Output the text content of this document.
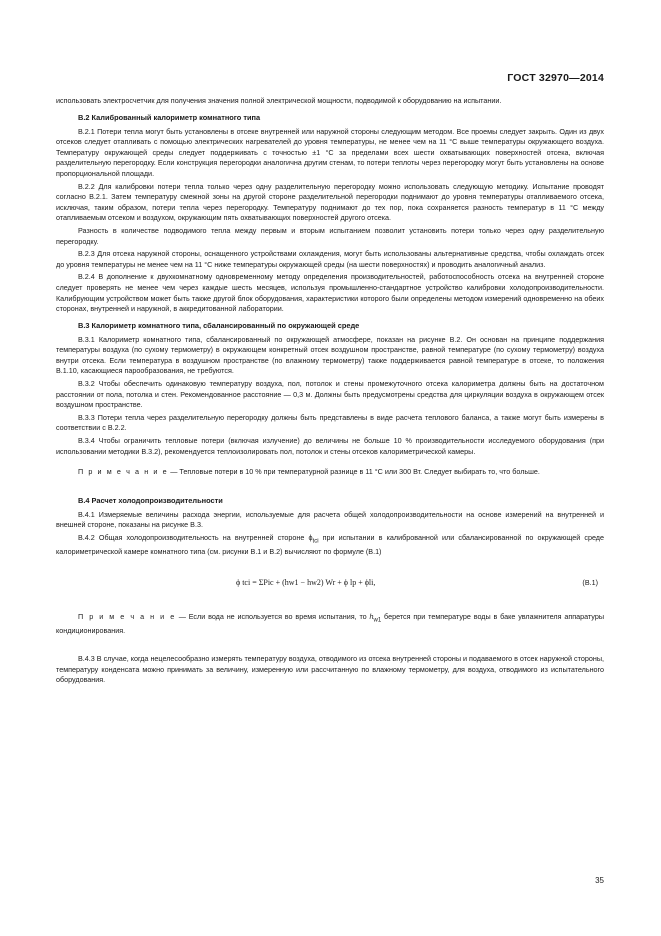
ГОСТ 32970—2014

использовать электросчетчик для получения значения полной электрической мощности, подводимой к оборудованию на испытании.

В.2 Калиброванный калориметр комнатного типа

В.2.1 Потери тепла могут быть установлены в отсеке внутренней или наружной стороны следующим методом. Все проемы следует закрыть. Один из двух отсеков следует отапливать с помощью электрических нагревателей до уровня температуры, не менее чем на 11 °С выше температуры окружающего воздуха. Температуру окружающей среды следует поддерживать с точностью ±1 °С за пределами всех шести охватывающих поверхностей отсека, включая разделительную перегородку. Если конструкция перегородки аналогична другим стенам, то потери теплоты через перегородку могут быть установлены на основе пропорциональной площади.

В.2.2 Для калибровки потери тепла только через одну разделительную перегородку можно использовать следующую методику. Испытание проводят согласно В.2.1. Затем температуру смежной зоны на другой стороне разделительной перегородки поднимают до уровня температуры отапливаемого отсека, исключая, таким образом, потери тепла через перегородку. Температуру поднимают до тех пор, пока сохраняется разность температур в 11 °С между отапливаемым отсеком и воздухом, окружающим пять охватывающих поверхностей другого отсека.

Разность в количестве подводимого тепла между первым и вторым испытанием позволит установить потери только через одну разделительную перегородку.

В.2.3 Для отсека наружной стороны, оснащенного устройствами охлаждения, могут быть использованы альтернативные средства, чтобы охлаждать отсек до уровня температуры не менее чем на 11 °С ниже температуры окружающей среды (на шести поверхностях) и проводить аналогичный анализ.

В.2.4 В дополнение к двухкомнатному одновременному методу определения производительностей, работоспособность отсека на внутренней стороне следует проверять не менее чем через каждые шесть месяцев, используя промышленно-стандартное устройство калибровки холодопроизводительности. Калибрующим устройством может быть также другой блок оборудования, характеристики которого были определены методом измерений одновременно на обеих сторонах, внутренней и наружной, в аккредитованной лаборатории.

В.3 Калориметр комнатного типа, сбалансированный по окружающей среде

В.3.1 Калориметр комнатного типа, сбалансированный по окружающей атмосфере, показан на рисунке В.2. Он основан на принципе поддержания температуры воздуха (по сухому термометру) в окружающем конкретный отсек воздушном пространстве, равной температуре (по сухому термометру) воздуха внутри отсека. Если температура в воздушном пространстве (по влажному термометру) также поддерживается равной температуре в отсеке, то положения В.1.10, касающиеся парообразования, не требуются.

В.3.2 Чтобы обеспечить одинаковую температуру воздуха, пол, потолок и стены промежуточного отсека калориметра должны быть на достаточном расстоянии от пола, потолка и стен. Рекомендованное расстояние — 0,3 м. Должны быть предусмотрены средства для циркуляции воздуха в окружающем отсек воздушном пространстве.

В.3.3 Потери тепла через разделительную перегородку должны быть представлены в виде расчета теплового баланса, а также могут быть измерены в соответствии с В.2.2.

В.3.4 Чтобы ограничить тепловые потери (включая излучение) до величины не больше 10 % производительности исследуемого оборудования (при использовании методики В.3.2), рекомендуется теплоизолировать пол, потолок и стены отсеков калориметрической камеры.

П р и м е ч а н и е — Тепловые потери в 10 % при температурной разнице в 11 °С или 300 Вт. Следует выбирать то, что больше.

В.4 Расчет холодопроизводительности

В.4.1 Измеряемые величины расхода энергии, используемые для расчета общей холодопроизводительности на основе измерений на внутренней и внешней стороне, показаны на рисунке В.3.

В.4.2 Общая холодопроизводительность на внутренней стороне $\phi_{tci}$ при испытании в калиброванной или сбалансированной по окружающей среде калориметрической камере комнатного типа (см. рисунки В.1 и В.2) вычисляют по формуле (В.1)

ϕ tci = ΣPic + (hw1 − hw2) Wr + ϕ lp + ϕli,	(В.1)

П р и м е ч а н и е — Если вода не используется во время испытания, то $h_{w1}$ берется при температуре воды в баке увлажнителя аппаратуры кондиционирования.

В.4.3 В случае, когда нецелесообразно измерять температуру воздуха, отводимого из отсека внутренней стороны и подаваемого в отсек наружной стороны, температуру конденсата можно принимать за величину, измеренную или рассчитанную по влажному термометру, для воздуха, отводимого из испытательного оборудования.

35
